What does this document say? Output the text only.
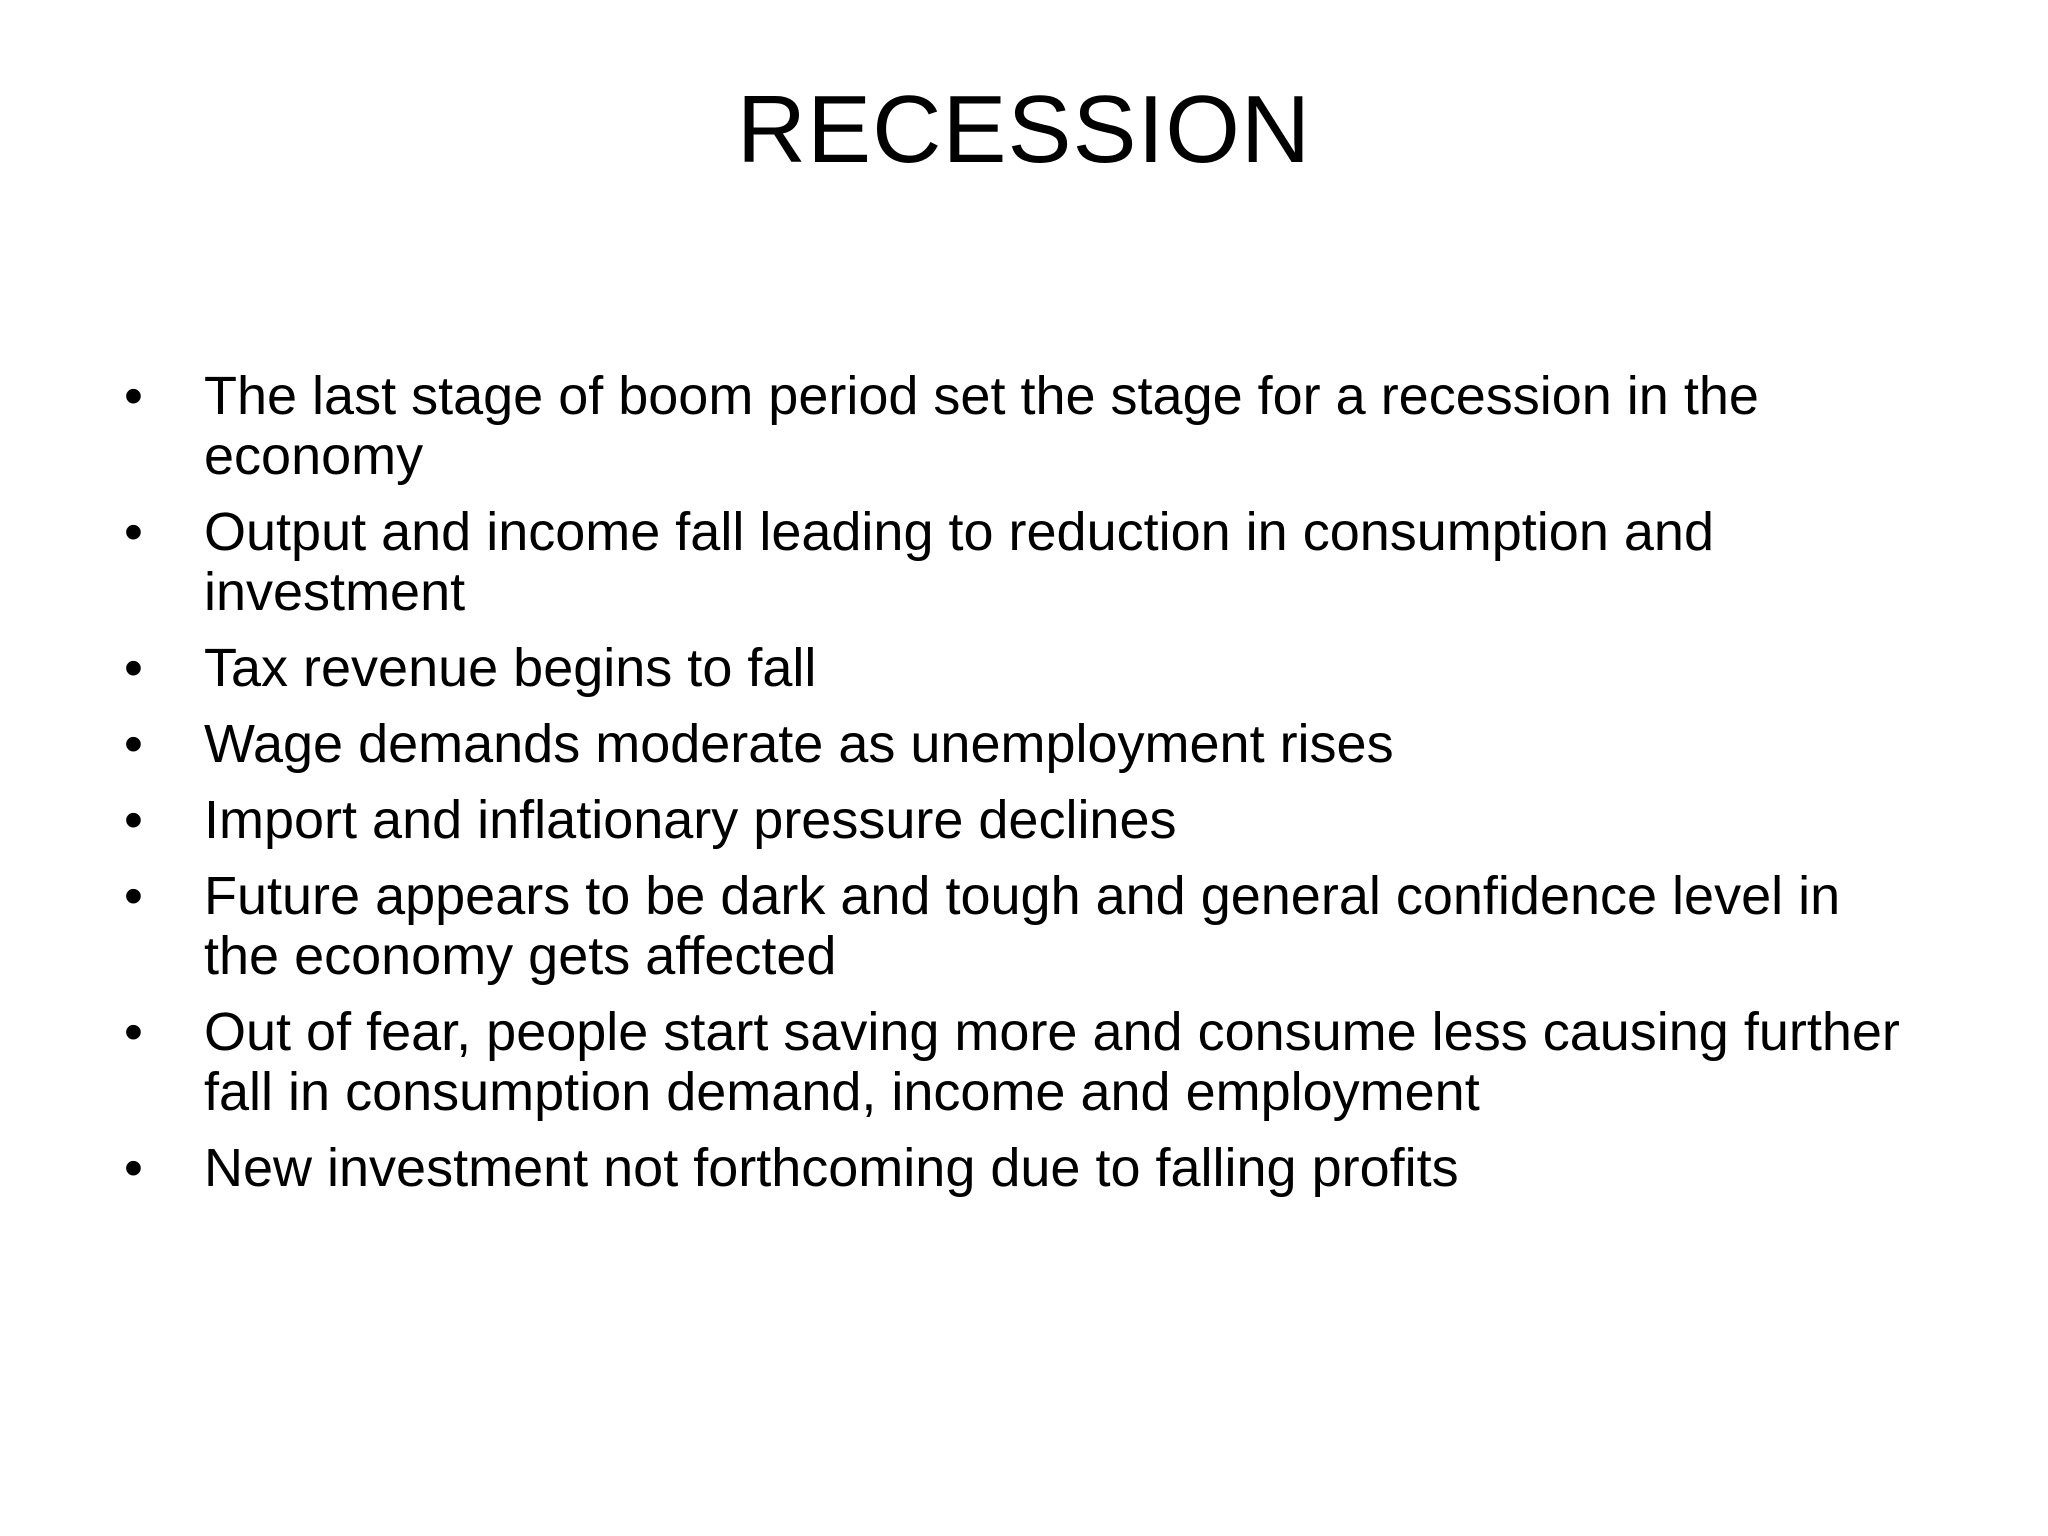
RECESSION
•	The last stage of boom period set the stage for a recession in the economy
•	Output and income fall leading to reduction in consumption and investment
•	Tax revenue begins to fall
•	Wage demands moderate as unemployment rises
•	Import and inflationary pressure declines
•	Future appears to be dark and tough and general confidence level in  the economy gets affected
•	Out of fear, people start saving more and consume less causing further fall in consumption demand, income and employment
•	New investment not forthcoming due to falling profits
